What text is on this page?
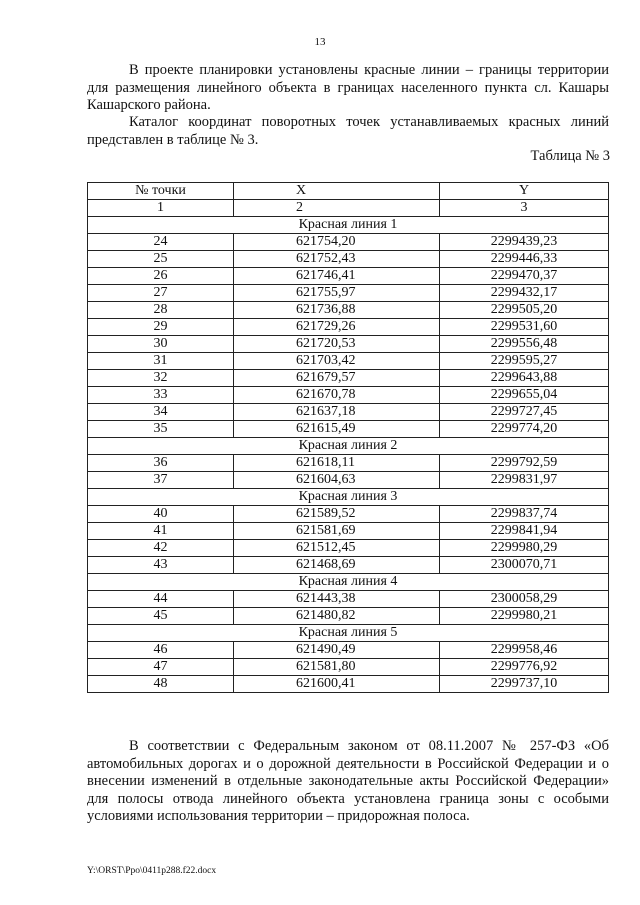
13

В проекте планировки установлены красные линии – границы территории для размещения линейного объекта в границах населенного пункта сл. Кашары Кашарского района.

Каталог координат поворотных точек устанавливаемых красных линий представлен в таблице № 3.

Таблица № 3
№ точки	X	Y
1	2	3
Красная линия 1		
24	621754,20	2299439,23
25	621752,43	2299446,33
26	621746,41	2299470,37
27	621755,97	2299432,17
28	621736,88	2299505,20
29	621729,26	2299531,60
30	621720,53	2299556,48
31	621703,42	2299595,27
32	621679,57	2299643,88
33	621670,78	2299655,04
34	621637,18	2299727,45
35	621615,49	2299774,20
Красная линия 2		
36	621618,11	2299792,59
37	621604,63	2299831,97
Красная линия 3		
40	621589,52	2299837,74
41	621581,69	2299841,94
42	621512,45	2299980,29
43	621468,69	2300070,71
Красная линия 4		
44	621443,38	2300058,29
45	621480,82	2299980,21
Красная линия 5		
46	621490,49	2299958,46
47	621581,80	2299776,92
48	621600,41	2299737,10

В соответствии с Федеральным законом от 08.11.2007 № 257-ФЗ «Об автомобильных дорогах и о дорожной деятельности в Российской Федерации и о внесении изменений в отдельные законодательные акты Российской Федерации» для полосы отвода линейного объекта установлена граница зоны с особыми условиями использования территории – придорожная полоса.

Y:\ORST\Ppo\0411p288.f22.docx
